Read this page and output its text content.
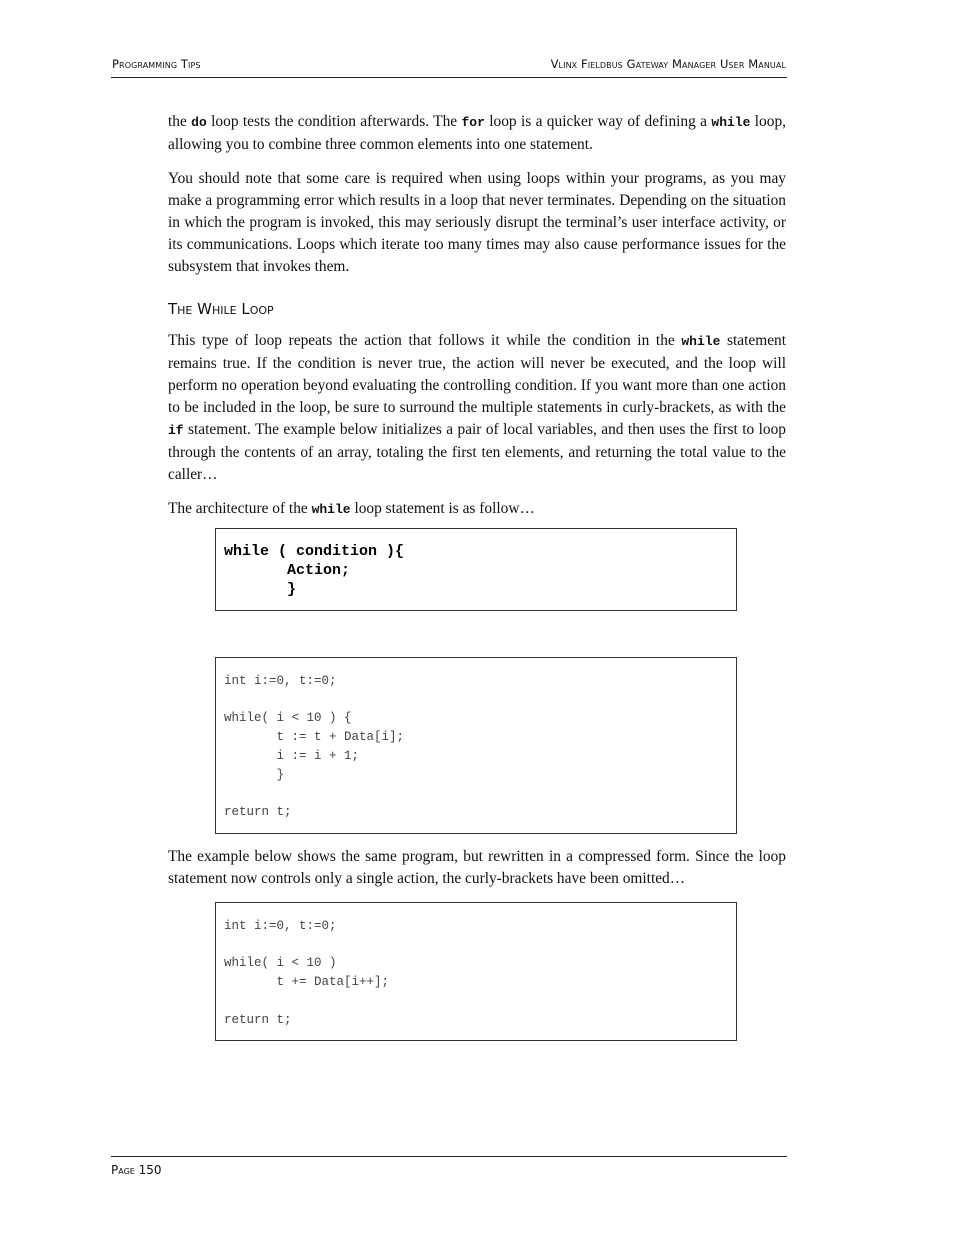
Programming Tips	Vlinx Fieldbus Gateway Manager User Manual

the do loop tests the condition afterwards. The for loop is a quicker way of defining a while loop, allowing you to combine three common elements into one statement.

You should note that some care is required when using loops within your programs, as you may make a programming error which results in a loop that never terminates. Depending on the situation in which the program is invoked, this may seriously disrupt the terminal’s user interface activity, or its communications. Loops which iterate too many times may also cause performance issues for the subsystem that invokes them.

The While Loop

This type of loop repeats the action that follows it while the condition in the while statement remains true. If the condition is never true, the action will never be executed, and the loop will perform no operation beyond evaluating the controlling condition. If you want more than one action to be included in the loop, be sure to surround the multiple statements in curly-brackets, as with the if statement. The example below initializes a pair of local variables, and then uses the first to loop through the contents of an array, totaling the first ten elements, and returning the total value to the caller…

The architecture of the while loop statement is as follow…

while ( condition ){
Action;
}
int i:=0, t:=0;

while( i < 10 ) {
t := t + Data[i];
i := i + 1;
}

return t;

The example below shows the same program, but rewritten in a compressed form. Since the loop statement now controls only a single action, the curly-brackets have been omitted…

int i:=0, t:=0;

while( i < 10 )
t += Data[i++];

return t;
Page 150
